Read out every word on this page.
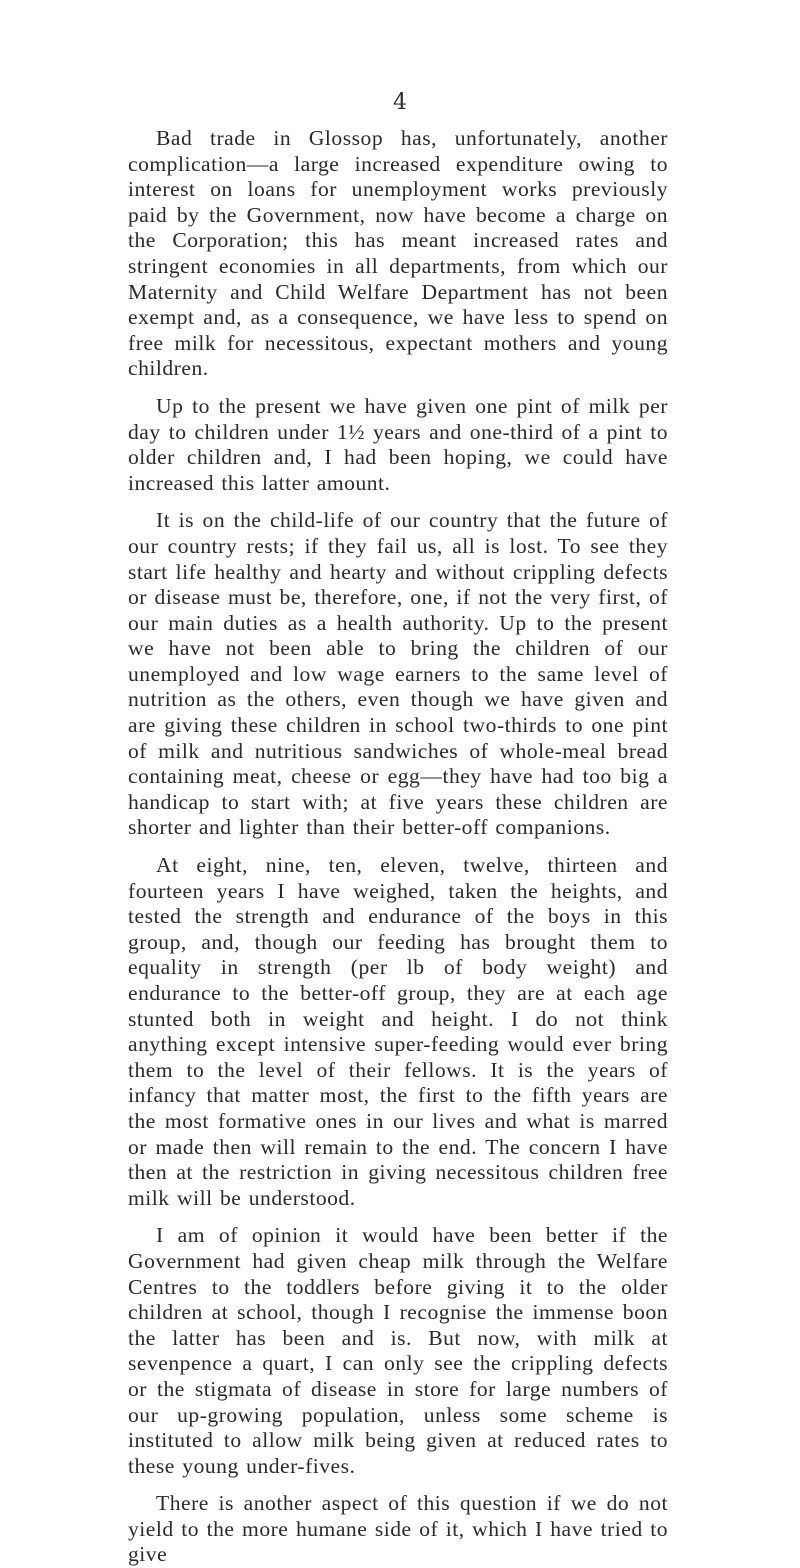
4

Bad trade in Glossop has, unfortunately, another complication—a large increased expenditure owing to interest on loans for unemployment works previously paid by the Government, now have become a charge on the Corporation; this has meant increased rates and stringent economies in all departments, from which our Maternity and Child Welfare Department has not been exempt and, as a consequence, we have less to spend on free milk for necessitous, expectant mothers and young children.

Up to the present we have given one pint of milk per day to children under 1½ years and one-third of a pint to older children and, I had been hoping, we could have increased this latter amount.

It is on the child-life of our country that the future of our country rests; if they fail us, all is lost. To see they start life healthy and hearty and without crippling defects or disease must be, therefore, one, if not the very first, of our main duties as a health authority. Up to the present we have not been able to bring the children of our unemployed and low wage earners to the same level of nutrition as the others, even though we have given and are giving these children in school two-thirds to one pint of milk and nutritious sandwiches of whole-meal bread containing meat, cheese or egg—they have had too big a handicap to start with; at five years these children are shorter and lighter than their better-off companions.

At eight, nine, ten, eleven, twelve, thirteen and fourteen years I have weighed, taken the heights, and tested the strength and endurance of the boys in this group, and, though our feeding has brought them to equality in strength (per lb of body weight) and endurance to the better-off group, they are at each age stunted both in weight and height. I do not think anything except intensive super-feeding would ever bring them to the level of their fellows. It is the years of infancy that matter most, the first to the fifth years are the most formative ones in our lives and what is marred or made then will remain to the end. The concern I have then at the restriction in giving necessitous children free milk will be understood.

I am of opinion it would have been better if the Government had given cheap milk through the Welfare Centres to the toddlers before giving it to the older children at school, though I recognise the immense boon the latter has been and is. But now, with milk at sevenpence a quart, I can only see the crippling defects or the stigmata of disease in store for large numbers of our up-growing population, unless some scheme is instituted to allow milk being given at reduced rates to these young under-fives.

There is another aspect of this question if we do not yield to the more humane side of it, which I have tried to give
